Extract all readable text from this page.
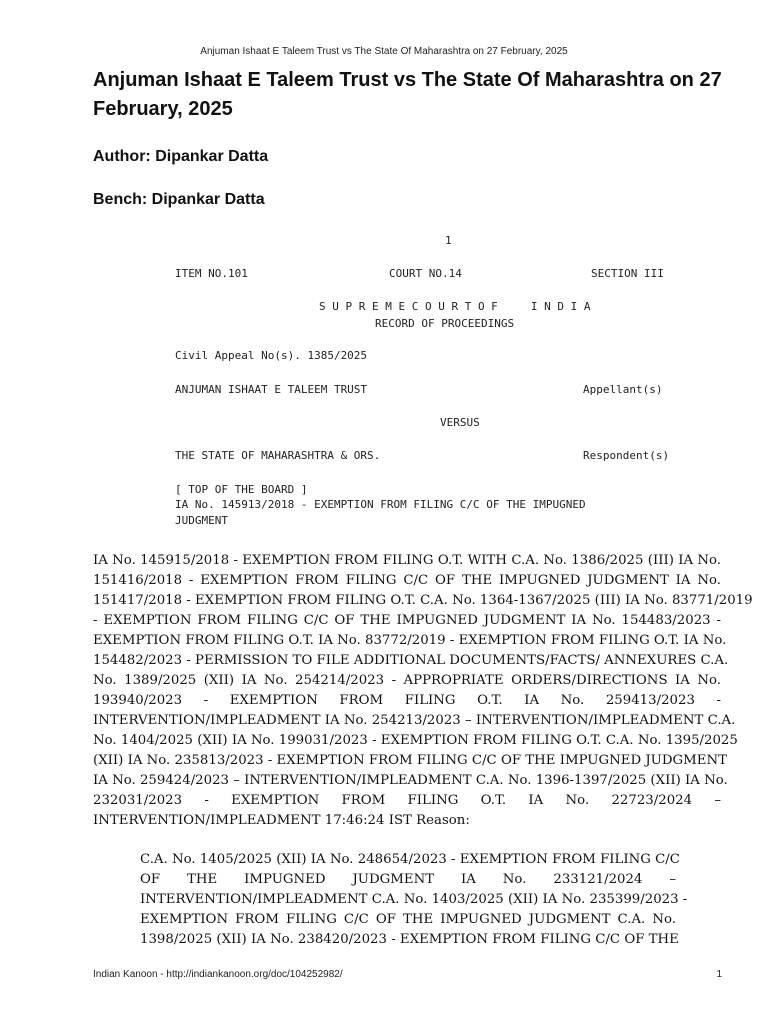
Anjuman Ishaat E Taleem Trust vs The State Of Maharashtra on 27 February, 2025
Anjuman Ishaat E Taleem Trust vs The State Of Maharashtra on 27 February, 2025
Author: Dipankar Datta
Bench: Dipankar Datta
1
ITEM NO.101	COURT NO.14	SECTION III
S U P R E M E C O U R T O F     I N D I A
RECORD OF PROCEEDINGS
Civil Appeal No(s). 1385/2025
ANJUMAN ISHAAT E TALEEM TRUST	Appellant(s)
VERSUS
THE STATE OF MAHARASHTRA & ORS.	Respondent(s)
[ TOP OF THE BOARD ]
IA No. 145913/2018 - EXEMPTION FROM FILING C/C OF THE IMPUGNED
JUDGMENT
IA No. 145915/2018 - EXEMPTION FROM FILING O.T. WITH C.A. No. 1386/2025 (III) IA No.
151416/2018 - EXEMPTION FROM FILING C/C OF THE IMPUGNED JUDGMENT IA No.
151417/2018 - EXEMPTION FROM FILING O.T. C.A. No. 1364-1367/2025 (III) IA No. 83771/2019
- EXEMPTION FROM FILING C/C OF THE IMPUGNED JUDGMENT IA No. 154483/2023 -
EXEMPTION FROM FILING O.T. IA No. 83772/2019 - EXEMPTION FROM FILING O.T. IA No.
154482/2023 - PERMISSION TO FILE ADDITIONAL DOCUMENTS/FACTS/ ANNEXURES C.A.
No. 1389/2025 (XII) IA No. 254214/2023 - APPROPRIATE ORDERS/DIRECTIONS IA No.
193940/2023 - EXEMPTION FROM FILING O.T. IA No. 259413/2023 -
INTERVENTION/IMPLEADMENT IA No. 254213/2023 – INTERVENTION/IMPLEADMENT C.A.
No. 1404/2025 (XII) IA No. 199031/2023 - EXEMPTION FROM FILING O.T. C.A. No. 1395/2025
(XII) IA No. 235813/2023 - EXEMPTION FROM FILING C/C OF THE IMPUGNED JUDGMENT
IA No. 259424/2023 – INTERVENTION/IMPLEADMENT C.A. No. 1396-1397/2025 (XII) IA No.
232031/2023 - EXEMPTION FROM FILING O.T. IA No. 22723/2024 –
INTERVENTION/IMPLEADMENT 17:46:24 IST Reason:
C.A. No. 1405/2025 (XII) IA No. 248654/2023 - EXEMPTION FROM FILING C/C
OF THE IMPUGNED JUDGMENT IA No. 233121/2024 –
INTERVENTION/IMPLEADMENT C.A. No. 1403/2025 (XII) IA No. 235399/2023 -
EXEMPTION FROM FILING C/C OF THE IMPUGNED JUDGMENT C.A. No.
1398/2025 (XII) IA No. 238420/2023 - EXEMPTION FROM FILING C/C OF THE
Indian Kanoon - http://indiankanoon.org/doc/104252982/	1
